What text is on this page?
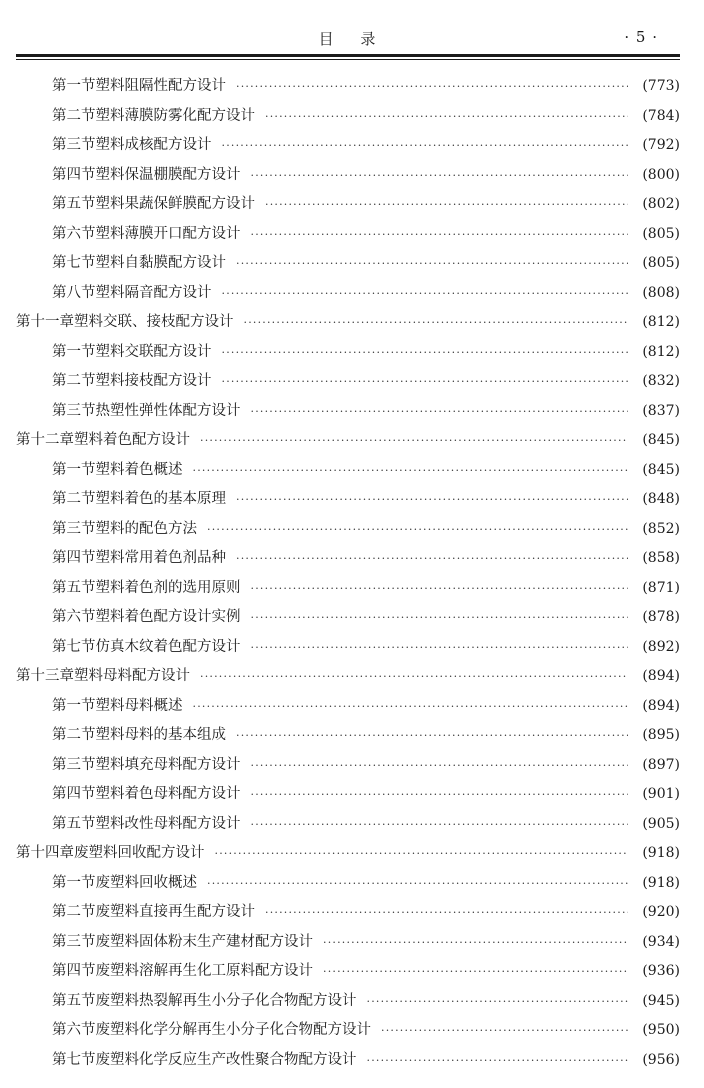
目 录	· 5 ·
第一节 塑料阻隔性配方设计 ·····	(773)
第二节 塑料薄膜防雾化配方设计 ·····	(784)
第三节 塑料成核配方设计 ·····	(792)
第四节 塑料保温棚膜配方设计 ·····	(800)
第五节 塑料果蔬保鲜膜配方设计 ·····	(802)
第六节 塑料薄膜开口配方设计 ·····	(805)
第七节 塑料自黏膜配方设计 ·····	(805)
第八节 塑料隔音配方设计 ·····	(808)
第十一章 塑料交联、接枝配方设计 ·····	(812)
第一节 塑料交联配方设计 ·····	(812)
第二节 塑料接枝配方设计 ·····	(832)
第三节 热塑性弹性体配方设计 ·····	(837)
第十二章 塑料着色配方设计 ·····	(845)
第一节 塑料着色概述 ·····	(845)
第二节 塑料着色的基本原理 ·····	(848)
第三节 塑料的配色方法 ·····	(852)
第四节 塑料常用着色剂品种 ·····	(858)
第五节 塑料着色剂的选用原则 ·····	(871)
第六节 塑料着色配方设计实例 ·····	(878)
第七节 仿真木纹着色配方设计 ·····	(892)
第十三章 塑料母料配方设计 ·····	(894)
第一节 塑料母料概述 ·····	(894)
第二节 塑料母料的基本组成 ·····	(895)
第三节 塑料填充母料配方设计 ·····	(897)
第四节 塑料着色母料配方设计 ·····	(901)
第五节 塑料改性母料配方设计 ·····	(905)
第十四章 废塑料回收配方设计 ·····	(918)
第一节 废塑料回收概述 ·····	(918)
第二节 废塑料直接再生配方设计 ·····	(920)
第三节 废塑料固体粉末生产建材配方设计 ·····	(934)
第四节 废塑料溶解再生化工原料配方设计 ·····	(936)
第五节 废塑料热裂解再生小分子化合物配方设计 ·····	(945)
第六节 废塑料化学分解再生小分子化合物配方设计 ·····	(950)
第七节 废塑料化学反应生产改性聚合物配方设计 ·····	(956)
